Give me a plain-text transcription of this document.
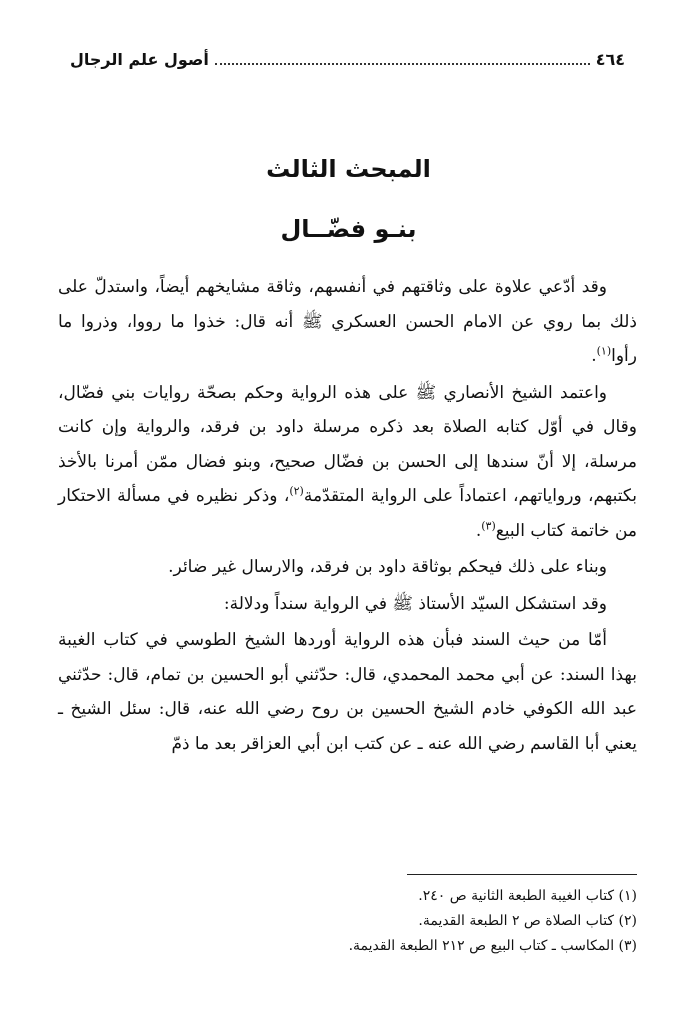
٤٦٤
أصول علم الرجال
المبحث الثالث
بنـو فضّــال

وقد أدّعي علاوة على وثاقتهم في أنفسهم، وثاقة مشايخهم أيضاً، واستدلّ على ذلك بما روي عن الامام الحسن العسكري ﷺ أنه قال: خذوا ما رووا، وذروا ما رأوا$^{(١)}$.

واعتمد الشيخ الأنصاري ﷺ على هذه الرواية وحكم بصحّة روايات بني فضّال، وقال في أوّل كتابه الصلاة بعد ذكره مرسلة داود بن فرقد، والرواية وإن كانت مرسلة، إلا أنّ سندها إلى الحسن بن فضّال صحيح، وبنو فضال ممّن أمرنا بالأخذ بكتبهم، ورواياتهم، اعتماداً على الرواية المتقدّمة$^{(٢)}$، وذكر نظيره في مسألة الاحتكار من خاتمة كتاب البيع$^{(٣)}$.

وبناء على ذلك فيحكم بوثاقة داود بن فرقد، والارسال غير ضائر.

وقد استشكل السيّد الأستاذ ﷺ في الرواية سنداً ودلالة:

أمّا من حيث السند فبأن هذه الرواية أوردها الشيخ الطوسي في كتاب الغيبة بهذا السند: عن أبي محمد المحمدي، قال: حدّثني أبو الحسين بن تمام، قال: حدّثني عبد الله الكوفي خادم الشيخ الحسين بن روح رضي الله عنه، قال: سئل الشيخ ـ يعني أبا القاسم رضي الله عنه ـ عن كتب ابن أبي العزاقر بعد ما ذمّ

(١) كتاب الغيبة الطبعة الثانية ص ٢٤٠.

(٢) كتاب الصلاة ص ٢ الطبعة القديمة.

(٣) المكاسب ـ كتاب البيع ص ٢١٢ الطبعة القديمة.
